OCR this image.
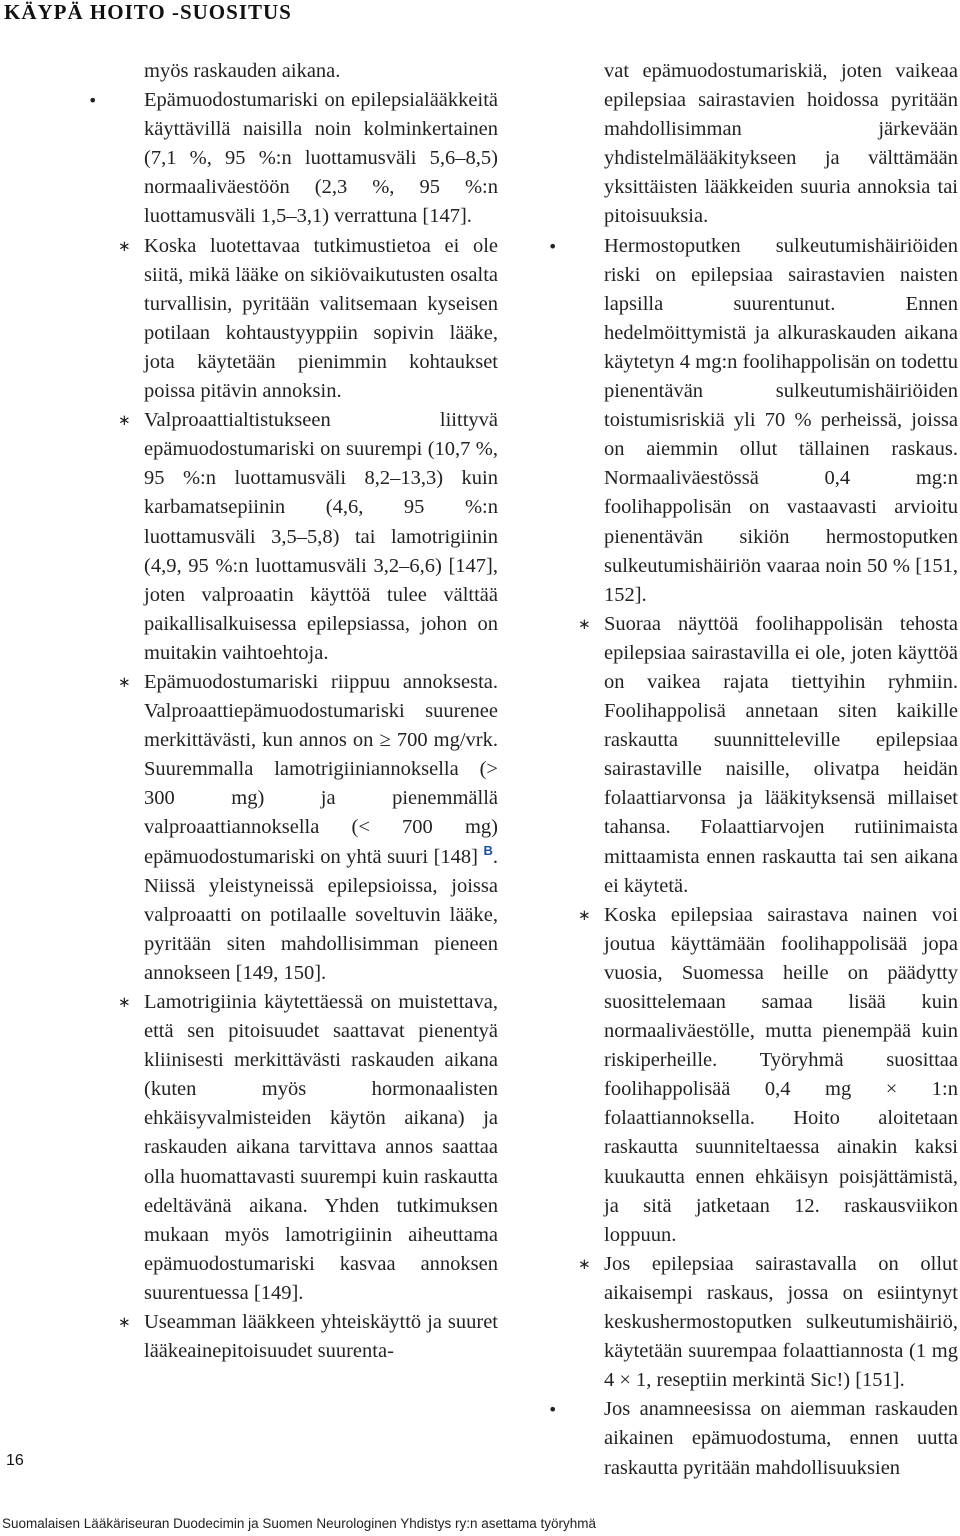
KÄYPÄ HOITO -SUOSITUS

myös raskauden aikana.

•	Epämuodostumariski on epilepsialääkkeitä käyttävillä naisilla noin kolminkertainen (7,1 %, 95 %:n luottamusväli 5,6–8,5) normaaliväestöön (2,3 %, 95 %:n luottamusväli 1,5–3,1) verrattuna [147].

∗ Koska luotettavaa tutkimustietoa ei ole siitä, mikä lääke on sikiövaikutusten osalta turvallisin, pyritään valitsemaan kyseisen potilaan kohtaustyyppiin sopivin lääke, jota käytetään pienimmin kohtaukset poissa pitävin annoksin.

∗ Valproaattialtistukseen liittyvä epämuodostumariski on suurempi (10,7 %, 95 %:n luottamusväli 8,2–13,3) kuin karbamatsepiinin (4,6, 95 %:n luottamusväli 3,5–5,8) tai lamotrigiinin (4,9, 95 %:n luottamusväli 3,2–6,6) [147], joten valproaatin käyttöä tulee välttää paikallisalkuisessa epilepsiassa, johon on muitakin vaihtoehtoja.

∗ Epämuodostumariski riippuu annoksesta. Valproaattiepämuodostumariski suurenee merkittävästi, kun annos on ≥ 700 mg/vrk. Suuremmalla lamotrigiiniannoksella (> 300 mg) ja pienemmällä valproaattiannoksella (< 700 mg) epämuodostumariski on yhtä suuri [148] $^B$. Niissä yleistyneissä epilepsioissa, joissa valproaatti on potilaalle soveltuvin lääke, pyritään siten mahdollisimman pieneen annokseen [149, 150].

∗ Lamotrigiinia käytettäessä on muistettava, että sen pitoisuudet saattavat pienentyä kliinisesti merkittävästi raskauden aikana (kuten myös hormonaalisten ehkäisyvalmisteiden käytön aikana) ja raskauden aikana tarvittava annos saattaa olla huomattavasti suurempi kuin raskautta edeltävänä aikana. Yhden tutkimuksen mukaan myös lamotrigiinin aiheuttama epämuodostumariski kasvaa annoksen suurentuessa [149].

∗ Useamman lääkkeen yhteiskäyttö ja suuret lääkeainepitoisuudet suurenta-

vat epämuodostumariskiä, joten vaikeaa epilepsiaa sairastavien hoidossa pyritään mahdollisimman järkevään yhdistelmälääkitykseen ja välttämään yksittäisten lääkkeiden suuria annoksia tai pitoisuuksia.

•	Hermostoputken sulkeutumishäiriöiden riski on epilepsiaa sairastavien naisten lapsilla suurentunut. Ennen hedelmöittymistä ja alkuraskauden aikana käytetyn 4 mg:n foolihappolisän on todettu pienentävän sulkeutumishäiriöiden toistumisriskiä yli 70 % perheissä, joissa on aiemmin ollut tällainen raskaus. Normaaliväestössä 0,4 mg:n foolihappolisän on vastaavasti arvioitu pienentävän sikiön hermostoputken sulkeutumishäiriön vaaraa noin 50 % [151, 152].

∗ Suoraa näyttöä foolihappolisän tehosta epilepsiaa sairastavilla ei ole, joten käyttöä on vaikea rajata tiettyihin ryhmiin. Foolihappolisä annetaan siten kaikille raskautta suunnitteleville epilepsiaa sairastaville naisille, olivatpa heidän folaattiarvonsa ja lääkityksensä millaiset tahansa. Folaattiarvojen rutiinimaista mittaamista ennen raskautta tai sen aikana ei käytetä.

∗ Koska epilepsiaa sairastava nainen voi joutua käyttämään foolihappolisää jopa vuosia, Suomessa heille on päädytty suosittelemaan samaa lisää kuin normaaliväestölle, mutta pienempää kuin riskiperheille. Työryhmä suosittaa foolihappolisää 0,4 mg × 1:n folaattiannoksella. Hoito aloitetaan raskautta suunniteltaessa ainakin kaksi kuukautta ennen ehkäisyn poisjättämistä, ja sitä jatketaan 12. raskausviikon loppuun.

∗ Jos epilepsiaa sairastavalla on ollut aikaisempi raskaus, jossa on esiintynyt keskushermostoputken sulkeutumishäiriö, käytetään suurempaa folaattiannosta (1 mg 4 × 1, reseptiin merkintä Sic!) [151].

•	Jos anamneesissa on aiemman raskauden aikainen epämuodostuma, ennen uutta raskautta pyritään mahdollisuuksien

16
Suomalaisen Lääkäriseuran Duodecimin ja Suomen Neurologinen Yhdistys ry:n asettama työryhmä
